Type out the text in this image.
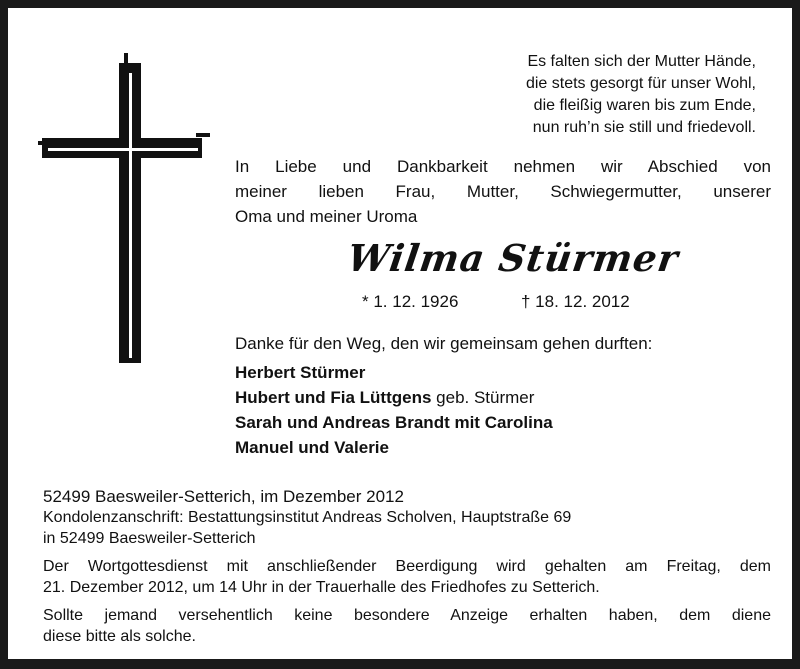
Es falten sich der Mutter Hände,
die stets gesorgt für unser Wohl,
die fleißig waren bis zum Ende,
nun ruh’n sie still und friedevoll.
In Liebe und Dankbarkeit nehmen wir Abschied von
meiner lieben Frau, Mutter, Schwiegermutter, unserer
Oma und meiner Uroma
Wilma Stürmer
* 1. 12. 1926	† 18. 12. 2012
Danke für den Weg, den wir gemeinsam gehen durften:
Herbert Stürmer
Hubert und Fia Lüttgens geb. Stürmer
Sarah und Andreas Brandt mit Carolina
Manuel und Valerie
52499 Baesweiler-Setterich, im Dezember 2012
Kondolenzanschrift: Bestattungsinstitut Andreas Scholven, Hauptstraße 69
in 52499 Baesweiler-Setterich
Der Wortgottesdienst mit anschließender Beerdigung wird gehalten am Freitag, dem
21. Dezember 2012, um 14 Uhr in der Trauerhalle des Friedhofes zu Setterich.
Sollte jemand versehentlich keine besondere Anzeige erhalten haben, dem diene
diese bitte als solche.
